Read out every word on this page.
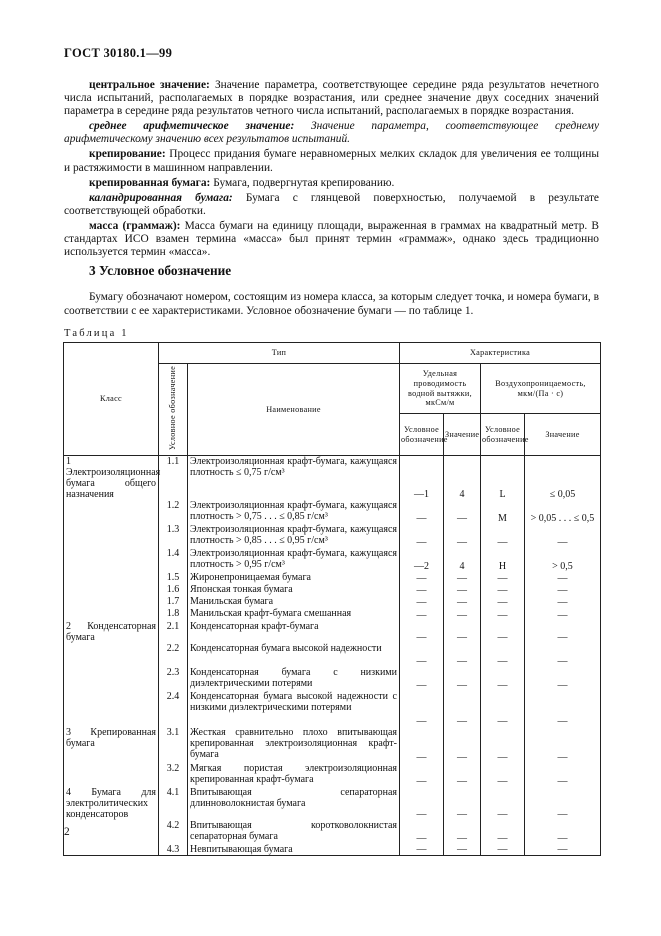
ГОСТ 30180.1—99

центральное значение: Значение параметра, соответствующее середине ряда результатов нечетного числа испытаний, располагаемых в порядке возрастания, или среднее значение двух соседних значений параметра в середине ряда результатов четного числа испытаний, располагаемых в порядке возрастания.

среднее арифметическое значение: Значение параметра, соответствующее среднему арифметическому значению всех результатов испытаний.

крепирование: Процесс придания бумаге неравномерных мелких складок для увеличения ее толщины и растяжимости в машинном направлении.

крепированная бумага: Бумага, подвергнутая крепированию.

каландрированная бумага: Бумага с глянцевой поверхностью, получаемой в результате соответствующей обработки.

масса (граммаж): Масса бумаги на единицу площади, выраженная в граммах на квадратный метр. В стандартах ИСО взамен термина «масса» был принят термин «граммаж», однако здесь традиционно используется термин «масса».

3 Условное обозначение
Бумагу обозначают номером, состоящим из номера класса, за которым следует точка, и номера бумаги, в соответствии с ее характеристиками. Условное обозначение бумаги — по таблице 1.
Таблица 1
Класс	Тип		Характеристика			
	Условное обозначение	Наименование	Удельная проводимость водной вытяжки, мкСм/м		Воздухопроницаемость, мкм/(Па · с)	
			Условное обозначение	Значение	Условное обозначение	Значение
1 Электроизоляционная бумага общего назначения	1.1	Электроизоляционная крафт-бумага, кажущаяся плотность ≤ 0,75 г/см³	—1	4	L	≤ 0,05
	1.2	Электроизоляционная крафт-бумага, кажущаяся плотность > 0,75 . . . ≤ 0,85 г/см³	—	—	M	> 0,05 . . . ≤ 0,5
	1.3	Электроизоляционная крафт-бумага, кажущаяся плотность > 0,85 . . . ≤ 0,95 г/см³	—	—	—	—
	1.4	Электроизоляционная крафт-бумага, кажущаяся плотность > 0,95 г/см³	—2	4	H	> 0,5
	1.5	Жиронепроницаемая бумага	—	—	—	—
	1.6	Японская тонкая бумага	—	—	—	—
	1.7	Манильская бумага	—	—	—	—
	1.8	Манильская крафт-бумага смешанная	—	—	—	—
2 Конденсаторная бумага	2.1	Конденсаторная крафт-бумага	—	—	—	—
	2.2	Конденсаторная бумага высокой надежности	—	—	—	—
	2.3	Конденсаторная бумага с низкими диэлектрическими потерями	—	—	—	—
	2.4	Конденсаторная бумага высокой надежности с низкими диэлектрическими потерями	—	—	—	—
3 Крепированная бумага	3.1	Жесткая сравнительно плохо впитывающая крепированная электроизоляционная крафт-бумага	—	—	—	—
	3.2	Мягкая пористая электроизоляционная крепированная крафт-бумага	—	—	—	—
4 Бумага для электролитических конденсаторов	4.1	Впитывающая сепараторная длинноволокнистая бумага	—	—	—	—
	4.2	Впитывающая коротковолокнистая сепараторная бумага	—	—	—	—
	4.3	Невпитывающая бумага	—	—	—	—
2
